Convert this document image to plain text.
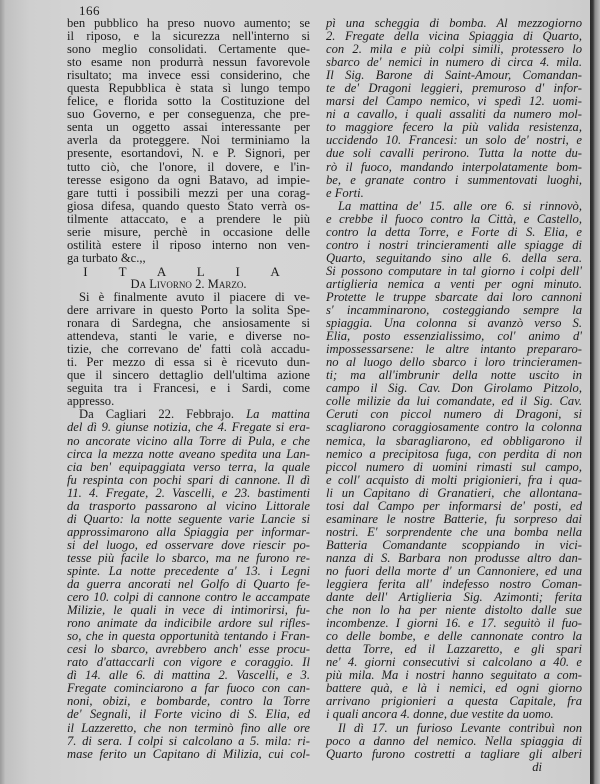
166
ben pubblico ha preso nuovo aumento; se
il riposo, e la sicurezza nell'interno si
sono meglio consolidati. Certamente que-
sto esame non produrrà nessun favorevole
risultato; ma invece essi considerino, che
questa Repubblica è stata sì lungo tempo
felice, e florida sotto la Costituzione del
suo Governo, e per conseguenza, che pre-
senta un oggetto assai interessante per
averla da proteggere. Noi terminiamo la
presente, esortandovi, N. e P. Signori, per
tutto ciò, che l'onore, il dovere, e l'in-
teresse esigono da ogni Batavo, ad impie-
gare tutti i possibili mezzi per una corag-
giosa difesa, quando questo Stato verrà os-
tilmente attaccato, e a prendere le più
serie misure, perchè in occasione delle
ostilità estere il riposo interno non ven-
ga turbato &c.,,
I T A L I A
Da Livorno 2. Marzo.
Si è finalmente avuto il piacere di ve-
dere arrivare in questo Porto la solita Spe-
ronara di Sardegna, che ansiosamente si
attendeva, stanti le varie, e diverse no-
tizie, che correvano de' fatti colà accadu-
ti. Per mezzo di essa si è ricevuto dun-
que il sincero dettaglio dell'ultima azione
seguita tra i Francesi, e i Sardi, come
appresso.
Da Cagliari 22. Febbrajo. La mattina
del dì 9. giunse notizia, che 4. Fregate si era-
no ancorate vicino alla Torre di Pula, e che
circa la mezza notte aveano spedita una Lan-
cia ben' equipaggiata verso terra, la quale
fu respinta con pochi spari di cannone. Il dì
11. 4. Fregate, 2. Vascelli, e 23. bastimenti
da trasporto passarono al vicino Littorale
di Quarto: la notte seguente varie Lancie si
approssimarono alla Spiaggia per informar-
si del luogo, ed osservare dove riescir po-
tesse più facile lo sbarco, ma ne furono re-
spinte. La notte precedente a' 13. i Legni
da guerra ancorati nel Golfo di Quarto fe-
cero 10. colpi di cannone contro le accampate
Milizie, le quali in vece di intimorirsi, fu-
rono animate da indicibile ardore sul rifles-
so, che in questa opportunità tentando i Fran-
cesi lo sbarco, avrebbero anch' esse procu-
rato d'attaccarli con vigore e coraggio. Il
dì 14. alle 6. di mattina 2. Vascelli, e 3.
Fregate cominciarono a far fuoco con can-
noni, obizi, e bombarde, contro la Torre
de' Segnali, il Forte vicino di S. Elia, ed
il Lazzeretto, che non terminò fino alle ore
7. di sera. I colpi si calcolano a 5. mila: ri-
mase ferito un Capitano di Milizia, cui col-
pì una scheggia di bomba. Al mezzogiorno
2. Fregate della vicina Spiaggia di Quarto,
con 2. mila e più colpi simili, protessero lo
sbarco de' nemici in numero di circa 4. mila.
Il Sig. Barone di Saint-Amour, Comandan-
te de' Dragoni leggieri, premuroso d' infor-
marsi del Campo nemico, vi spedì 12. uomi-
ni a cavallo, i quali assaliti da numero mol-
to maggiore fecero la più valida resistenza,
uccidendo 10. Francesi: un solo de' nostri, e
due soli cavalli perirono. Tutta la notte du-
rò il fuoco, mandando interpolatamente bom-
be, e granate contro i summentovati luoghi,
e Forti.
La mattina de' 15. alle ore 6. si rinnovò,
e crebbe il fuoco contro la Città, e Castello,
contro la detta Torre, e Forte di S. Elia, e
contro i nostri trincieramenti alle spiagge di
Quarto, seguitando sino alle 6. della sera.
Si possono computare in tal giorno i colpi dell'
artiglieria nemica a venti per ogni minuto.
Protette le truppe sbarcate dai loro cannoni
s' incamminarono, costeggiando sempre la
spiaggia. Una colonna si avanzò verso S.
Elia, posto essenzialissimo, col' animo d'
impossessarsene: le altre intanto prepararo-
no al luogo dello sbarco i loro trincieramen-
ti; ma all'imbrunir della notte uscito in
campo il Sig. Cav. Don Girolamo Pitzolo,
colle milizie da lui comandate, ed il Sig. Cav.
Ceruti con piccol numero di Dragoni, si
scagliarono coraggiosamente contro la colonna
nemica, la sbaragliarono, ed obbligarono il
nemico a precipitosa fuga, con perdita di non
piccol numero di uomini rimasti sul campo,
e coll' acquisto di molti prigionieri, fra i qua-
li un Capitano di Granatieri, che allontana-
tosi dal Campo per informarsi de' posti, ed
esaminare le nostre Batterie, fu sorpreso dai
nostri. E' sorprendente che una bomba nella
Batteria Comandante scoppiando in vici-
nanza di S. Barbara non produsse altro dan-
no fuori della morte d' un Cannoniere, ed una
leggiera ferita all' indefesso nostro Coman-
dante dell' Artiglieria Sig. Azimonti; ferita
che non lo ha per niente distolto dalle sue
incombenze. I giorni 16. e 17. seguitò il fuo-
co delle bombe, e delle cannonate contro la
detta Torre, ed il Lazzaretto, e gli spari
ne' 4. giorni consecutivi si calcolano a 40. e
più mila. Ma i nostri hanno seguitato a com-
battere quà, e là i nemici, ed ogni giorno
arrivano prigionieri a questa Capitale, fra
i quali ancora 4. donne, due vestite da uomo.
Il dì 17. un furioso Levante contribuì non
poco a danno del nemico. Nella spiaggia di
Quarto furono costretti a tagliare gli alberi
di
